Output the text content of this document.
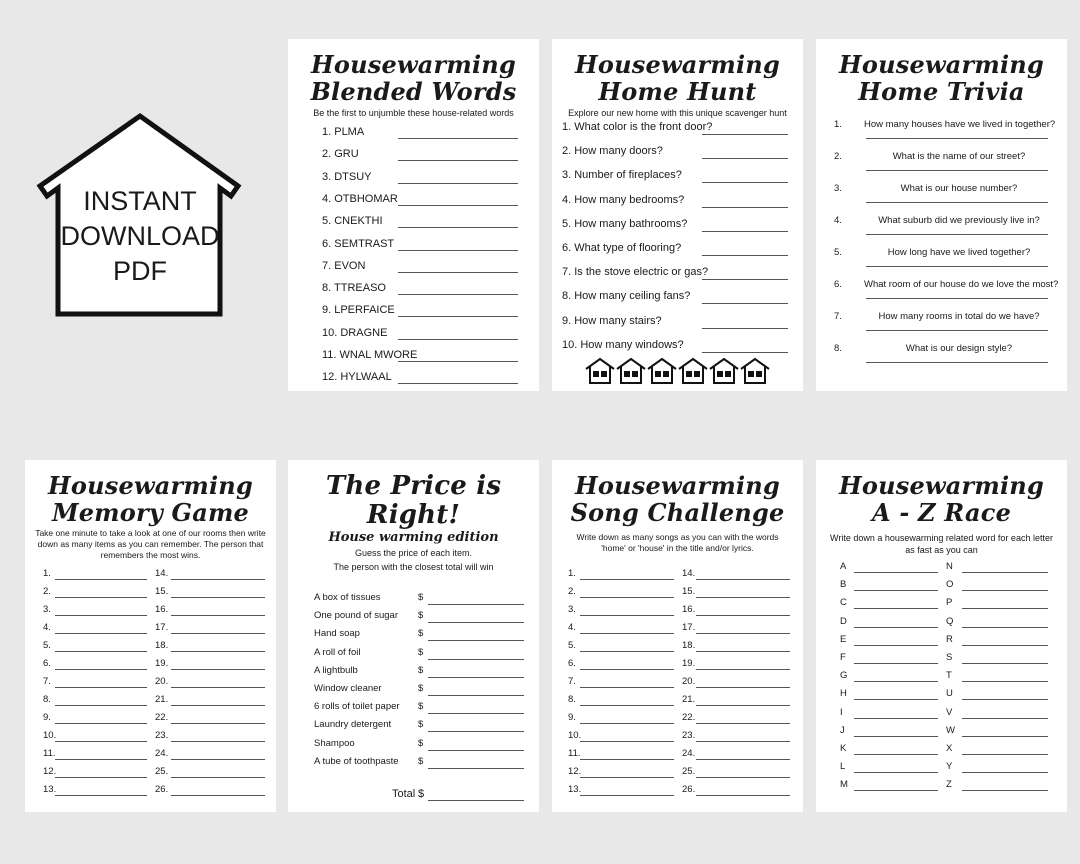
INSTANT
DOWNLOAD
PDF
Housewarming
Blended Words
Be the first to unjumble these house-related words
1. PLMA
2. GRU
3. DTSUY
4. OTBHOMAR
5. CNEKTHI
6. SEMTRAST
7. EVON
8. TTREASO
9. LPERFAICE
10. DRAGNE
11. WNAL MWORE
12. HYLWAAL
Housewarming
Home Hunt
Explore our new home with this unique scavenger hunt
1. What color is the front door?
2. How many doors?
3. Number of fireplaces?
4. How many bedrooms?
5. How many bathrooms?
6. What type of flooring?
7. Is the stove electric or gas?
8. How many ceiling fans?
9. How many stairs?
10. How many windows?
Housewarming
Home Trivia
1. How many houses have we lived in together?
2.	What is the name of our street?
3.	What is our house number?
4.	What suburb did we previously live in?
5.	How long have we lived together?
6. What room of our house do we love the most?
7.	How many rooms in total do we have?
8.	What is our design style?
Housewarming
Memory Game
Take one minute to take a look at one of our rooms then write down as many items as you can remember. The person that remembers the most wins.
1.
2.
3.
4.
5.
6.
7.
8.
9.
10.
11.
12.
13.
14.
15.
16.
17.
18.
19.
20.
21.
22.
23.
24.
25.
26.
The Price is
Right!
House warming edition
Guess the price of each item.
The person with the closest total will win
Total $
A box of tissues	$
One pound of sugar $
Hand soap	$
A roll of foil	$
A lightbulb	$
Window cleaner	$
6 rolls of toilet paper $
Laundry detergent	$
Shampoo	$
A tube of toothpaste $
Housewarming
Song Challenge
Write down as many songs as you can with the words 'home' or 'house' in the title and/or lyrics.
1.
2.
3.
4.
5.
6.
7.
8.
9.
10.
11.
12.
13.
14.
15.
16.
17.
18.
19.
20.
21.
22.
23.
24.
25.
26.
Housewarming
A - Z Race
Write down a housewarming related word for each letter as fast as you can
A
B
C
D
E
F
G
H
I
J
K
L
M
N
O
P
Q
R
S
T
U
V
W
X
Y
Z
